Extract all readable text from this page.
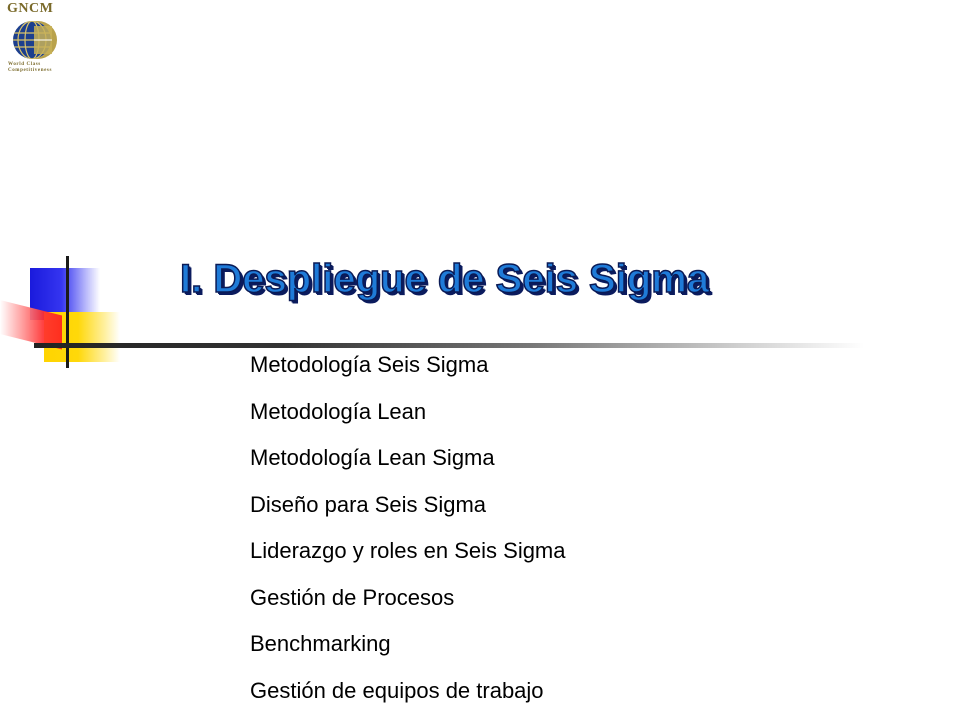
GNCM
World Class
Competitiveness
I. Despliegue de Seis Sigma
Metodología Seis Sigma
Metodología Lean
Metodología Lean Sigma
Diseño para Seis Sigma
Liderazgo y roles en Seis Sigma
Gestión de Procesos
Benchmarking
Gestión de equipos de trabajo
